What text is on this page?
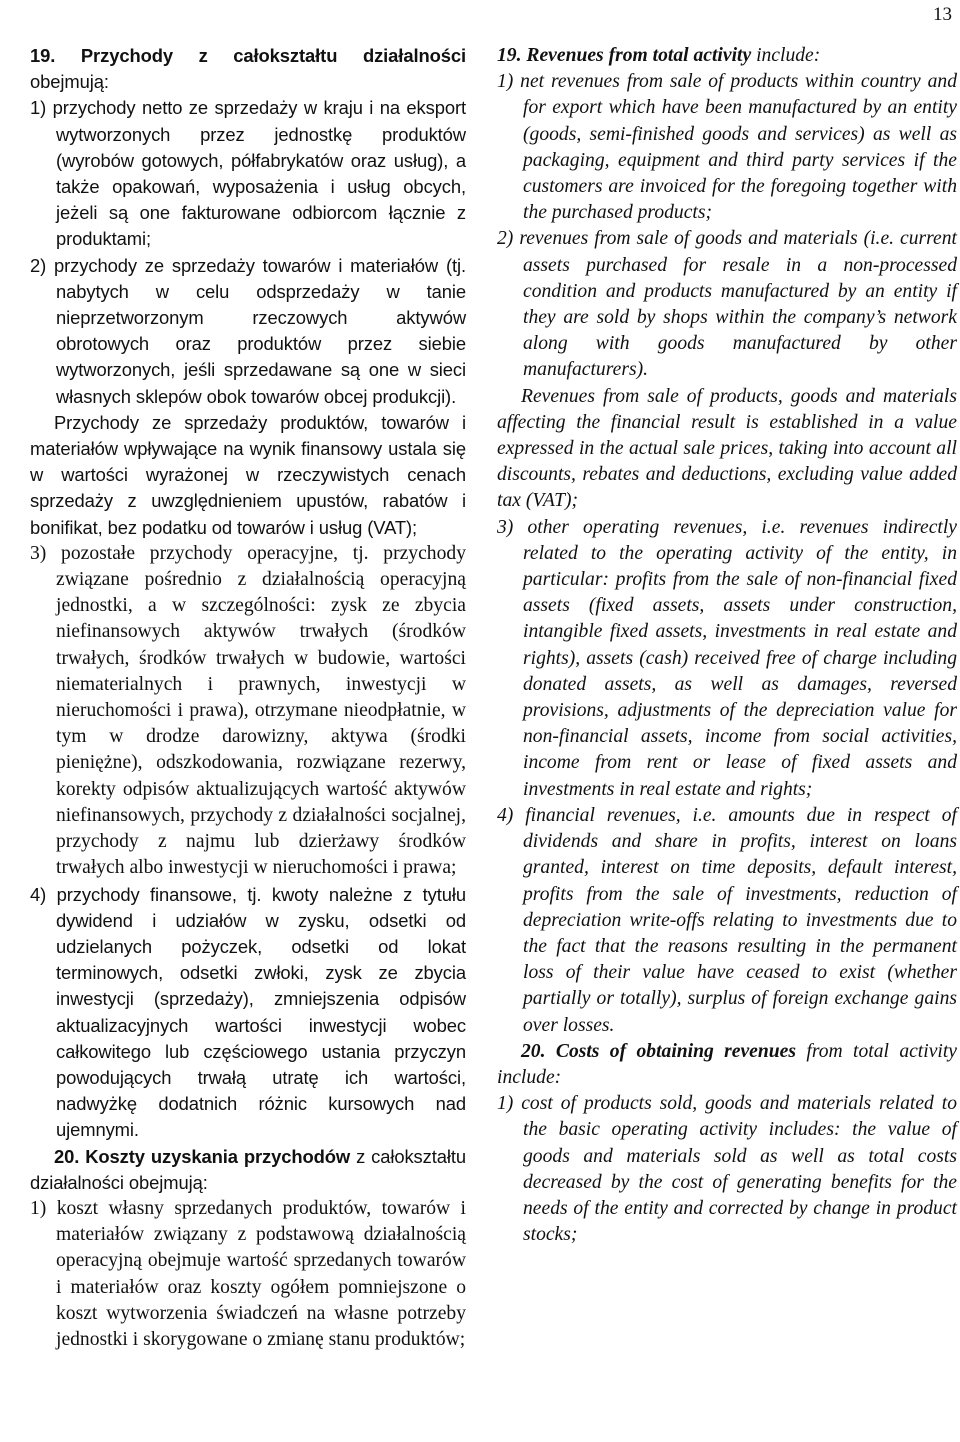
13

19. Przychody z całokształtu działalności obejmują:

1) przychody netto ze sprzedaży w kraju i na eksport wytworzonych przez jednostkę produktów (wyrobów gotowych, półfabrykatów oraz usług), a także opakowań, wyposażenia i usług obcych, jeżeli są one fakturowane odbiorcom łącznie z produktami;

2) przychody ze sprzedaży towarów i materiałów (tj. nabytych w celu odsprzedaży w tanie nieprzetworzonym rzeczowych aktywów obrotowych oraz produktów przez siebie wytworzonych, jeśli sprzedawane są one w sieci własnych sklepów obok towarów obcej produkcji).

Przychody ze sprzedaży produktów, towarów i materiałów wpływające na wynik finansowy ustala się w wartości wyrażonej w rzeczywistych cenach sprzedaży z uwzględnieniem upustów, rabatów i bonifikat, bez podatku od towarów i usług (VAT);

3) pozostałe przychody operacyjne, tj. przychody związane pośrednio z działalnością operacyjną jednostki, a w szczególności: zysk ze zbycia niefinansowych aktywów trwałych (środków trwałych, środków trwałych w budowie, wartości niematerialnych i prawnych, inwestycji w nieruchomości i prawa), otrzymane nieodpłatnie, w tym w drodze darowizny, aktywa (środki pieniężne), odszkodowania, rozwiązane rezerwy, korekty odpisów aktualizujących wartość aktywów niefinansowych, przychody z działalności socjalnej, przychody z najmu lub dzierżawy środków trwałych albo inwestycji w nieruchomości i prawa;

4) przychody finansowe, tj. kwoty należne z tytułu dywidend i udziałów w zysku, odsetki od udzielanych pożyczek, odsetki od lokat terminowych, odsetki zwłoki, zysk ze zbycia inwestycji (sprzedaży), zmniejszenia odpisów aktualizacyjnych wartości inwestycji wobec całkowitego lub częściowego ustania przyczyn powodujących trwałą utratę ich wartości, nadwyżkę dodatnich różnic kursowych nad ujemnymi.

20. Koszty uzyskania przychodów z całokształtu działalności obejmują:

1) koszt własny sprzedanych produktów, towarów i materiałów związany z podstawową działalnością operacyjną obejmuje wartość sprzedanych towarów i materiałów oraz koszty ogółem pomniejszone o koszt wytworzenia świadczeń na własne potrzeby jednostki i skorygowane o zmianę stanu produktów;

19. Revenues from total activity include:

1) net revenues from sale of products within country and for export which have been manufactured by an entity (goods, semi-finished goods and services) as well as packaging, equipment and third party services if the customers are invoiced for the foregoing together with the purchased products;

2) revenues from sale of goods and materials (i.e. current assets purchased for resale in a non-processed condition and products manufactured by an entity if they are sold by shops within the company’s network along with goods manufactured by other manufacturers).

Revenues from sale of products, goods and materials affecting the financial result is established in a value expressed in the actual sale prices, taking into account all discounts, rebates and deductions, excluding value added tax (VAT);

3) other operating revenues, i.e. revenues indirectly related to the operating activity of the entity, in particular: profits from the sale of non-financial fixed assets (fixed assets, assets under construction, intangible fixed assets, investments in real estate and rights), assets (cash) received free of charge including donated assets, as well as damages, reversed provisions, adjustments of the depreciation value for non-financial assets, income from social activities, income from rent or lease of fixed assets and investments in real estate and rights;

4) financial revenues, i.e. amounts due in respect of dividends and share in profits, interest on loans granted, interest on time deposits, default interest, profits from the sale of investments, reduction of depreciation write-offs relating to investments due to the fact that the reasons resulting in the permanent loss of their value have ceased to exist (whether partially or totally), surplus of foreign exchange gains over losses.

20. Costs of obtaining revenues from total activity include:

1) cost of products sold, goods and materials related to the basic operating activity includes: the value of goods and materials sold as well as total costs decreased by the cost of generating benefits for the needs of the entity and corrected by change in product stocks;
